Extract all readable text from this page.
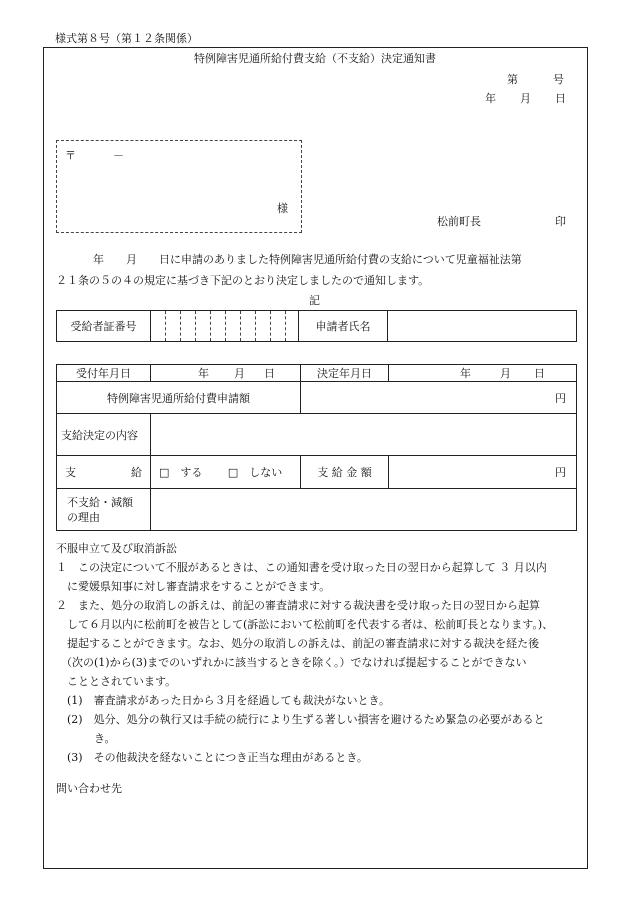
様式第８号（第１２条関係）
特例障害児通所給付費支給（不支給）決定通知書
第	号
年 月 日
〒	－
様
松前町長	印
年　　月　　日に申請のありました特例障害児通所給付費の支給について児童福祉法第
２１条の５の４の規定に基づき下記のとおり決定しましたので通知します。
記
受給者証番号											申請者氏名	
受付年月日	年 月 日	決定年月日	年 月 日
特例障害児通所給付費申請額		円	
支給決定の内容			
支 給	□　する □　しない	支 給 金 額	円

不支給・減額
の理由			

不服申立て及び取消訴訟
１　この決定について不服があるときは、この通知書を受け取った日の翌日から起算して ３ 月以内
に愛媛県知事に対し審査請求をすることができます。
２　また、処分の取消しの訴えは、前記の審査請求に対する裁決書を受け取った日の翌日から起算
して６月以内に松前町を被告として(訴訟において松前町を代表する者は、松前町長となります。)、
提起することができます。なお、処分の取消しの訴えは、前記の審査請求に対する裁決を経た後
（次の(1)から(3)までのいずれかに該当するときを除く。）でなければ提起することができない
こととされています。
(1)　審査請求があった日から３月を経過しても裁決がないとき。
(2)　処分、処分の執行又は手続の続行により生ずる著しい損害を避けるため緊急の必要があると
き。
(3)　その他裁決を経ないことにつき正当な理由があるとき。
問い合わせ先
